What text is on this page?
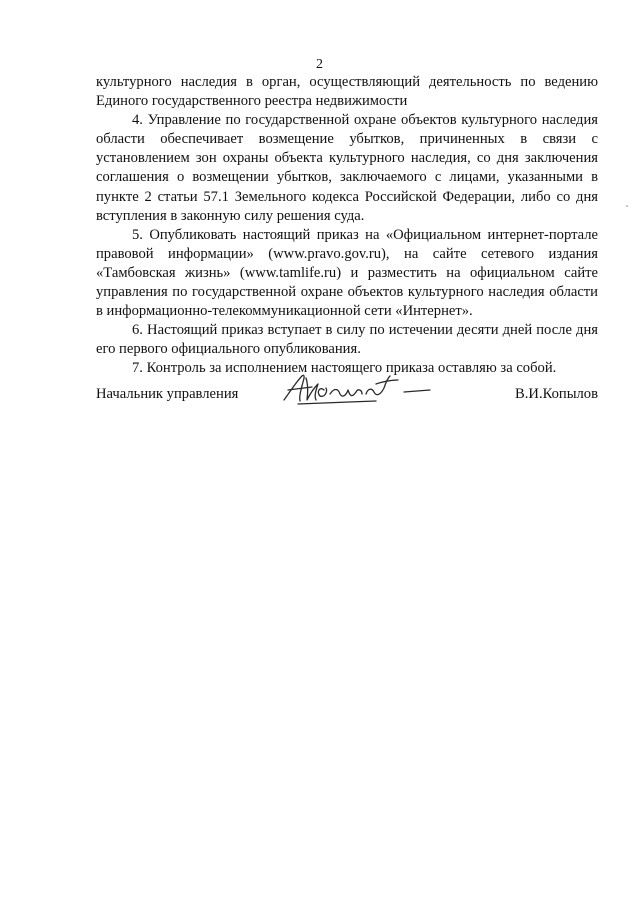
2

культурного наследия в орган, осуществляющий деятельность по ведению Единого государственного реестра недвижимости

4. Управление по государственной охране объектов культурного наследия области обеспечивает возмещение убытков, причиненных в связи с установлением зон охраны объекта культурного наследия, со дня заключения соглашения о возмещении убытков, заключаемого с лицами, указанными в пункте 2 статьи 57.1 Земельного кодекса Российской Федерации, либо со дня вступления в законную силу решения суда.

5. Опубликовать настоящий приказ на «Официальном интернет-портале правовой информации» (www.pravo.gov.ru), на сайте сетевого издания «Тамбовская жизнь» (www.tamlife.ru) и разместить на официальном сайте управления по государственной охране объектов культурного наследия области в информационно-телекоммуникационной сети «Интернет».

6. Настоящий приказ вступает в силу по истечении десяти дней после дня его первого официального опубликования.

7. Контроль за исполнением настоящего приказа оставляю за собой.

Начальник управления	В.И.Копылов
